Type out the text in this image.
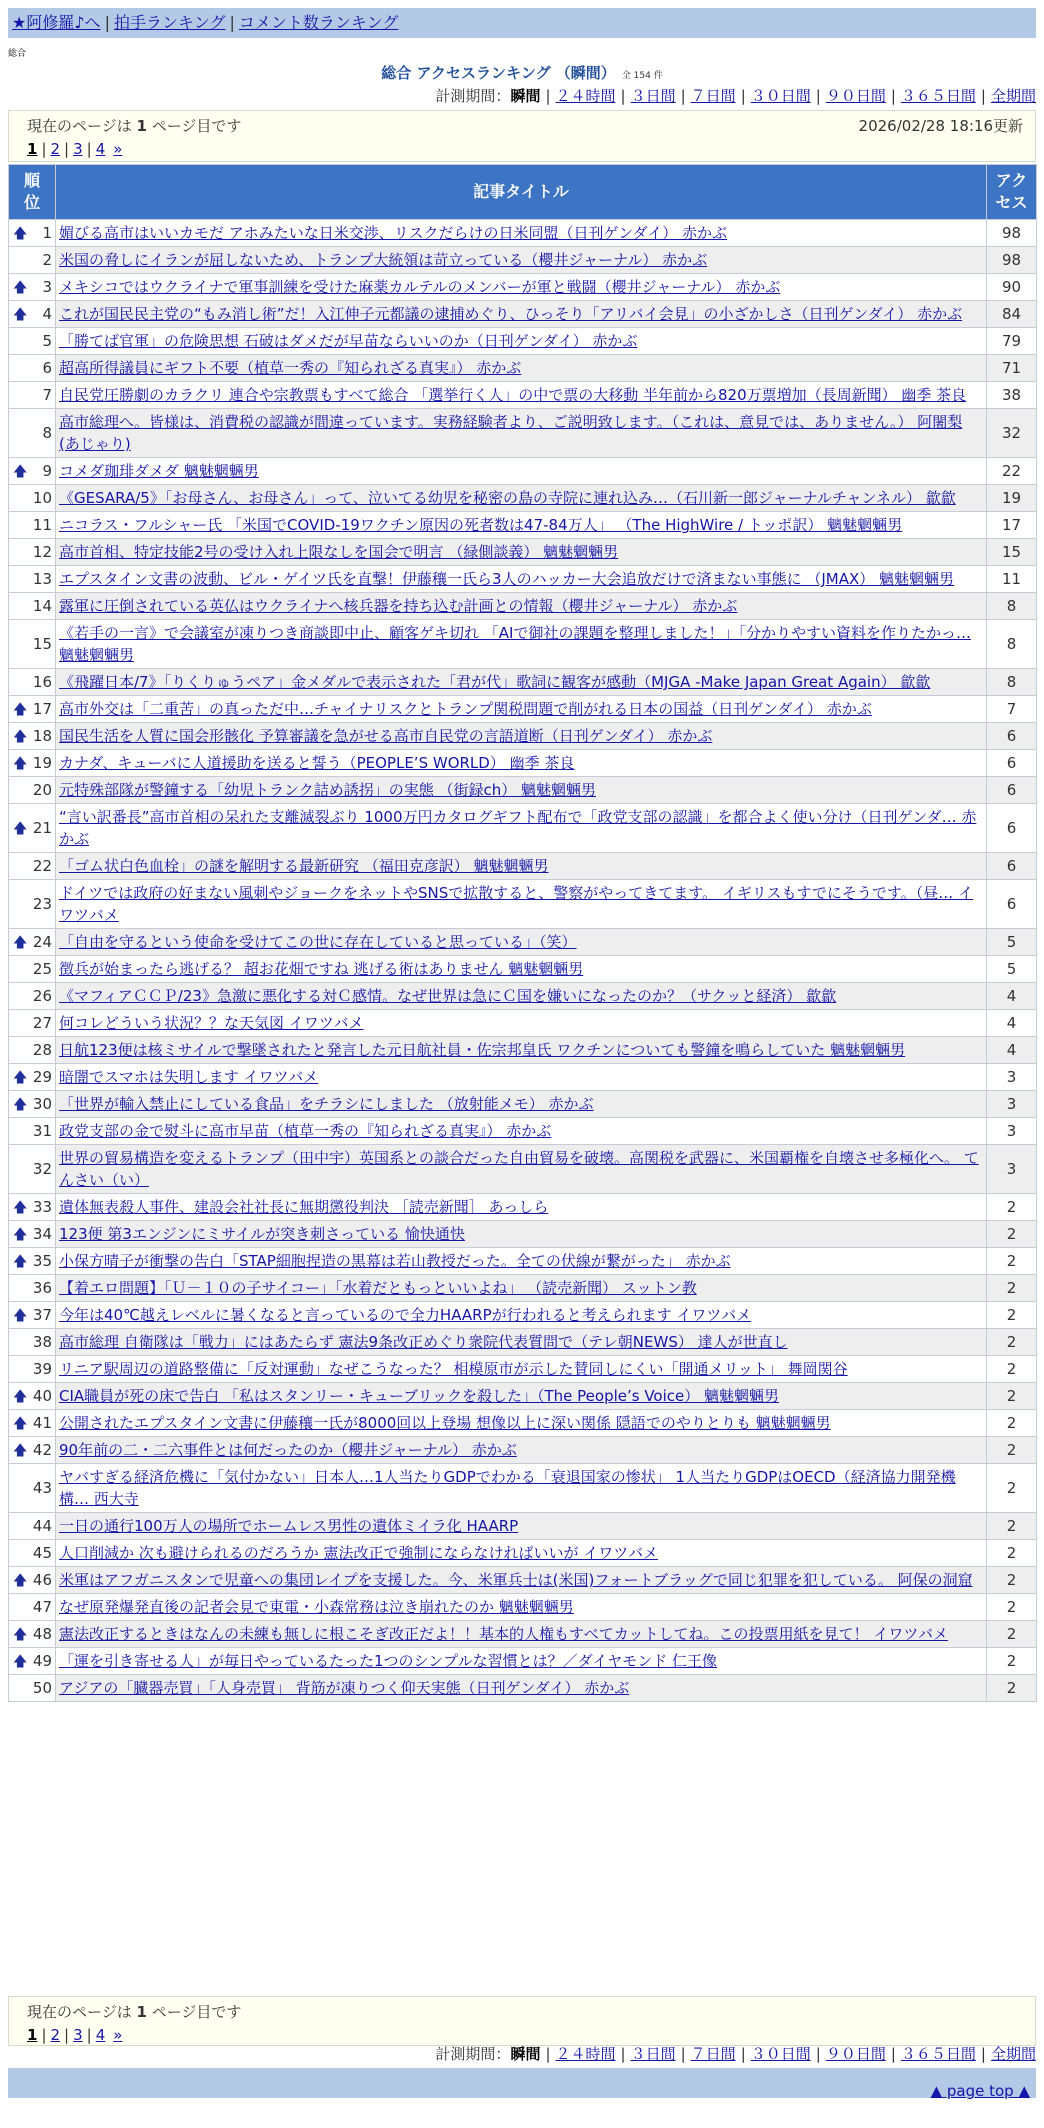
★阿修羅♪へ | 拍手ランキング | コメント数ランキング
総合
総合 アクセスランキング （瞬間） 全 154 件
計測期間：瞬間 | ２４時間 | ３日間 | ７日間 | ３０日間 | ９０日間 | ３６５日間 | 全期間
現在のページは 1 ページ目です	2026/02/28 18:16更新
1 | 2 | 3 | 4 »
順位	記事タイトル	アクセス

🡅 1	媚びる高市はいいカモだ アホみたいな日米交渉、リスクだらけの日米同盟（日刊ゲンダイ） 赤かぶ	98
2	米国の脅しにイランが屈しないため、トランプ大統領は苛立っている（櫻井ジャーナル） 赤かぶ	98

🡅 3	メキシコではウクライナで軍事訓練を受けた麻薬カルテルのメンバーが軍と戦闘（櫻井ジャーナル） 赤かぶ	90

🡅 4	これが国民民主党の“もみ消し術”だ！入江伸子元都議の逮捕めぐり、ひっそり「アリバイ会見」の小ざかしさ（日刊ゲンダイ） 赤かぶ	84
5	「勝てば官軍」の危険思想 石破はダメだが早苗ならいいのか（日刊ゲンダイ） 赤かぶ	79
6	超高所得議員にギフト不要（植草一秀の『知られざる真実』） 赤かぶ	71
7	自民党圧勝劇のカラクリ 連合や宗教票もすべて総合 「選挙行く人」の中で票の大移動 半年前から820万票増加（長周新聞） 幽季 茶良	38
8	高市総理へ。皆様は、消費税の認識が間違っています。実務経験者より、ご説明致します。（これは、意見では、ありません。） 阿闍梨(あじゃり)	32

🡅 9	コメダ珈琲ダメダ 魑魅魍魎男	22
10	《GESARA/5》「お母さん、お母さん」って、泣いてる幼児を秘密の島の寺院に連れ込み…（石川新一郎ジャーナルチャンネル） 歙歙	19
11	ニコラス・フルシャー氏 「米国でCOVID-19ワクチン原因の死者数は47-84万人」 （The HighWire / トッポ訳） 魑魅魍魎男	17
12	高市首相、特定技能2号の受け入れ上限なしを国会で明言 （緑側談義） 魑魅魍魎男	15
13	エプスタイン文書の波動、ビル・ゲイツ氏を直撃！伊藤穰一氏ら3人のハッカー大会追放だけで済まない事態に （JMAX） 魑魅魍魎男	11
14	露軍に圧倒されている英仏はウクライナへ核兵器を持ち込む計画との情報（櫻井ジャーナル） 赤かぶ	8
15	《若手の一言》で会議室が凍りつき商談即中止、顧客ゲキ切れ 「AIで御社の課題を整理しました！」「分かりやすい資料を作りたかっ… 魑魅魍魎男	8
16	《飛躍日本/7》「りくりゅうペア」金メダルで表示された「君が代」歌詞に観客が感動（MJGA -Make Japan Great Again） 歙歙	8

🡅 17	高市外交は「二重苦」の真っただ中…チャイナリスクとトランプ関税問題で削がれる日本の国益（日刊ゲンダイ） 赤かぶ	7

🡅 18	国民生活を人質に国会形骸化 予算審議を急がせる高市自民党の言語道断（日刊ゲンダイ） 赤かぶ	6

🡅 19	カナダ、キューバに人道援助を送ると誓う（PEOPLE’S WORLD） 幽季 茶良	6
20	元特殊部隊が警鐘する「幼児トランク詰め誘拐」の実態 （街録ch） 魑魅魍魎男	6

🡅 21	“言い訳番長”高市首相の呆れた支離滅裂ぶり 1000万円カタログギフト配布で「政党支部の認識」を都合よく使い分け（日刊ゲンダ… 赤かぶ	6
22	「ゴム状白色血栓」の謎を解明する最新研究 （福田克彦訳） 魑魅魍魎男	6
23	ドイツでは政府の好まない風刺やジョークをネットやSNSで拡散すると、警察がやってきてます。 イギリスもすでにそうです。（昼… イワツバメ	6

🡅 24	「自由を守るという使命を受けてこの世に存在していると思っている」（笑）	5
25	徴兵が始まったら逃げる？ 超お花畑ですね 逃げる術はありません 魑魅魍魎男	5
26	《マフィアＣＣＰ/23》急激に悪化する対Ｃ感情。なぜ世界は急にＣ国を嫌いになったのか？（サクッと経済） 歙歙	4
27	何コレどういう状況？？な天気図 イワツバメ	4
28	日航123便は核ミサイルで撃墜されたと発言した元日航社員・佐宗邦皇氏 ワクチンについても警鐘を鳴らしていた 魑魅魍魎男	4

🡅 29	暗闇でスマホは失明します イワツバメ	3

🡅 30	「世界が輸入禁止にしている食品」をチラシにしました （放射能メモ） 赤かぶ	3
31	政党支部の金で熨斗に高市早苗（植草一秀の『知られざる真実』） 赤かぶ	3
32	世界の貿易構造を変えるトランプ（田中宇）英国系との談合だった自由貿易を破壊。高関税を武器に、米国覇権を自壊させ多極化へ。 てんさい（い）	3

🡅 33	遺体無表殺人事件、建設会社社長に無期懲役判決 ［読売新聞］ あっしら	2

🡅 34	123便 第3エンジンにミサイルが突き刺さっている 愉快通快	2

🡅 35	小保方晴子が衝撃の告白「STAP細胞捏造の黒幕は若山教授だった。全ての伏線が繋がった」 赤かぶ	2
36	【着エロ問題】「Ｕ－１０の子サイコー」「水着だともっといいよね」 （読売新聞） スットン教	2

🡅 37	今年は40℃越えレベルに暑くなると言っているので全力HAARPが行われると考えられます イワツバメ	2
38	高市総理 自衛隊は「戦力」にはあたらず 憲法9条改正めぐり衆院代表質問で（テレ朝NEWS） 達人が世直し	2
39	リニア駅周辺の道路整備に「反対運動」なぜこうなった？ 相模原市が示した賛同しにくい「開通メリット」 舞岡関谷	2

🡅 40	CIA職員が死の床で告白 「私はスタンリー・キューブリックを殺した」（The People’s Voice） 魑魅魍魎男	2

🡅 41	公開されたエプスタイン文書に伊藤穰一氏が8000回以上登場 想像以上に深い関係 隠語でのやりとりも 魑魅魍魎男	2

🡅 42	90年前の二・二六事件とは何だったのか（櫻井ジャーナル） 赤かぶ	2
43	ヤバすぎる経済危機に「気付かない」日本人…1人当たりGDPでわかる「衰退国家の惨状」 1人当たりGDPはOECD（経済協力開発機構… 西大寺	2
44	一日の通行100万人の場所でホームレス男性の遺体ミイラ化 HAARP	2
45	人口削減か 次も避けられるのだろうか 憲法改正で強制にならなければいいが イワツバメ	2

🡅 46	米軍はアフガニスタンで児童への集団レイプを支援した。今、米軍兵士は(米国)フォートブラッグで同じ犯罪を犯している。 阿保の洞窟	2
47	なぜ原発爆発直後の記者会見で東電・小森常務は泣き崩れたのか 魑魅魍魎男	2

🡅 48	憲法改正するときはなんの未練も無しに根こそぎ改正だよ！！基本的人権もすべてカットしてね。この投票用紙を見て！ イワツバメ	2

🡅 49	「運を引き寄せる人」が毎日やっているたった1つのシンプルな習慣とは？／ダイヤモンド 仁王像	2
50	アジアの「臓器売買」「人身売買」 背筋が凍りつく仰天実態（日刊ゲンダイ） 赤かぶ	2
現在のページは 1 ページ目です
1 | 2 | 3 | 4 »
計測期間：瞬間 | ２４時間 | ３日間 | ７日間 | ３０日間 | ９０日間 | ３６５日間 | 全期間
▲ page top ▲
